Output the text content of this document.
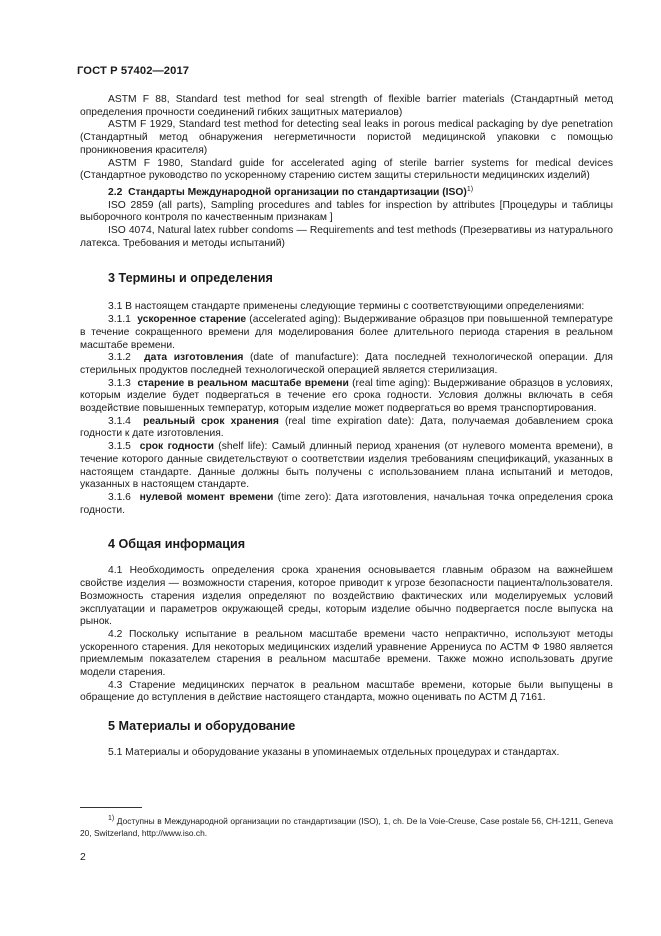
ГОСТ Р 57402—2017

ASTM F 88, Standard test method for seal strength of flexible barrier materials (Стандартный метод определения прочности соединений гибких защитных материалов)

ASTM F 1929, Standard test method for detecting seal leaks in porous medical packaging by dye penetration (Стандартный метод обнаружения негерметичности пористой медицинской упаковки с помощью проникновения красителя)

ASTM F 1980, Standard guide for accelerated aging of sterile barrier systems for medical devices (Стандартное руководство по ускоренному старению систем защиты стерильности медицинских изделий)

2.2 Стандарты Международной организации по стандартизации (ISO)$^{1)}$

ISO 2859 (all parts), Sampling procedures and tables for inspection by attributes [Процедуры и таблицы выборочного контроля по качественным признакам ]

ISO 4074, Natural latex rubber condoms — Requirements and test methods (Презервативы из натурального латекса. Требования и методы испытаний)

3 Термины и определения

3.1 В настоящем стандарте применены следующие термины с соответствующими определениями:

3.1.1 ускоренное старение (accelerated aging): Выдерживание образцов при повышенной температуре в течение сокращенного времени для моделирования более длительного периода старения в реальном масштабе времени.

3.1.2 дата изготовления (date of manufacture): Дата последней технологической операции. Для стерильных продуктов последней технологической операцией является стерилизация.

3.1.3 старение в реальном масштабе времени (real time aging): Выдерживание образцов в условиях, которым изделие будет подвергаться в течение его срока годности. Условия должны включать в себя воздействие повышенных температур, которым изделие может подвергаться во время транспортирования.

3.1.4 реальный срок хранения (real time expiration date): Дата, получаемая добавлением срока годности к дате изготовления.

3.1.5 срок годности (shelf life): Самый длинный период хранения (от нулевого момента времени), в течение которого данные свидетельствуют о соответствии изделия требованиям спецификаций, указанных в настоящем стандарте. Данные должны быть получены с использованием плана испытаний и методов, указанных в настоящем стандарте.

3.1.6 нулевой момент времени (time zero): Дата изготовления, начальная точка определения срока годности.

4 Общая информация

4.1 Необходимость определения срока хранения основывается главным образом на важнейшем свойстве изделия — возможности старения, которое приводит к угрозе безопасности пациента/пользователя. Возможность старения изделия определяют по воздействию фактических или моделируемых условий эксплуатации и параметров окружающей среды, которым изделие обычно подвергается после выпуска на рынок.

4.2 Поскольку испытание в реальном масштабе времени часто непрактично, используют методы ускоренного старения. Для некоторых медицинских изделий уравнение Аррениуса по АСТМ Ф 1980 является приемлемым показателем старения в реальном масштабе времени. Также можно использовать другие модели старения.

4.3 Старение медицинских перчаток в реальном масштабе времени, которые были выпущены в обращение до вступления в действие настоящего стандарта, можно оценивать по АСТМ Д 7161.

5 Материалы и оборудование

5.1 Материалы и оборудование указаны в упоминаемых отдельных процедурах и стандартах.

$^{1)}$ Доступны в Международной организации по стандартизации (ISO), 1, ch. De la Voie-Creuse, Case postale 56, CH-1211, Geneva 20, Switzerland, http://www.iso.ch.
2
